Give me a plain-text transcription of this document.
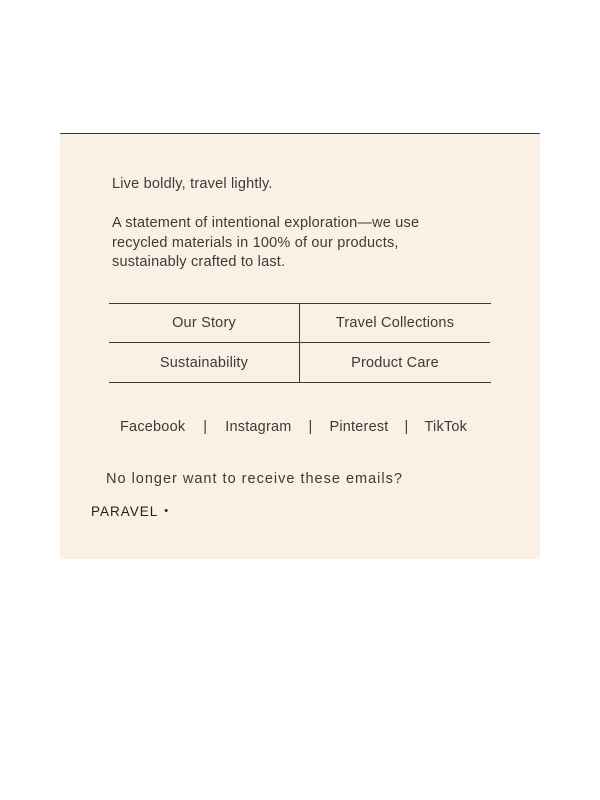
Live boldly, travel lightly.

A statement of intentional exploration—we use recycled materials in 100% of our products, sustainably crafted to last.

Our Story	Travel Collections
Sustainability	Product Care
Facebook | Instagram | Pinterest | TikTok
No longer want to receive these emails?
PARAVEL •
